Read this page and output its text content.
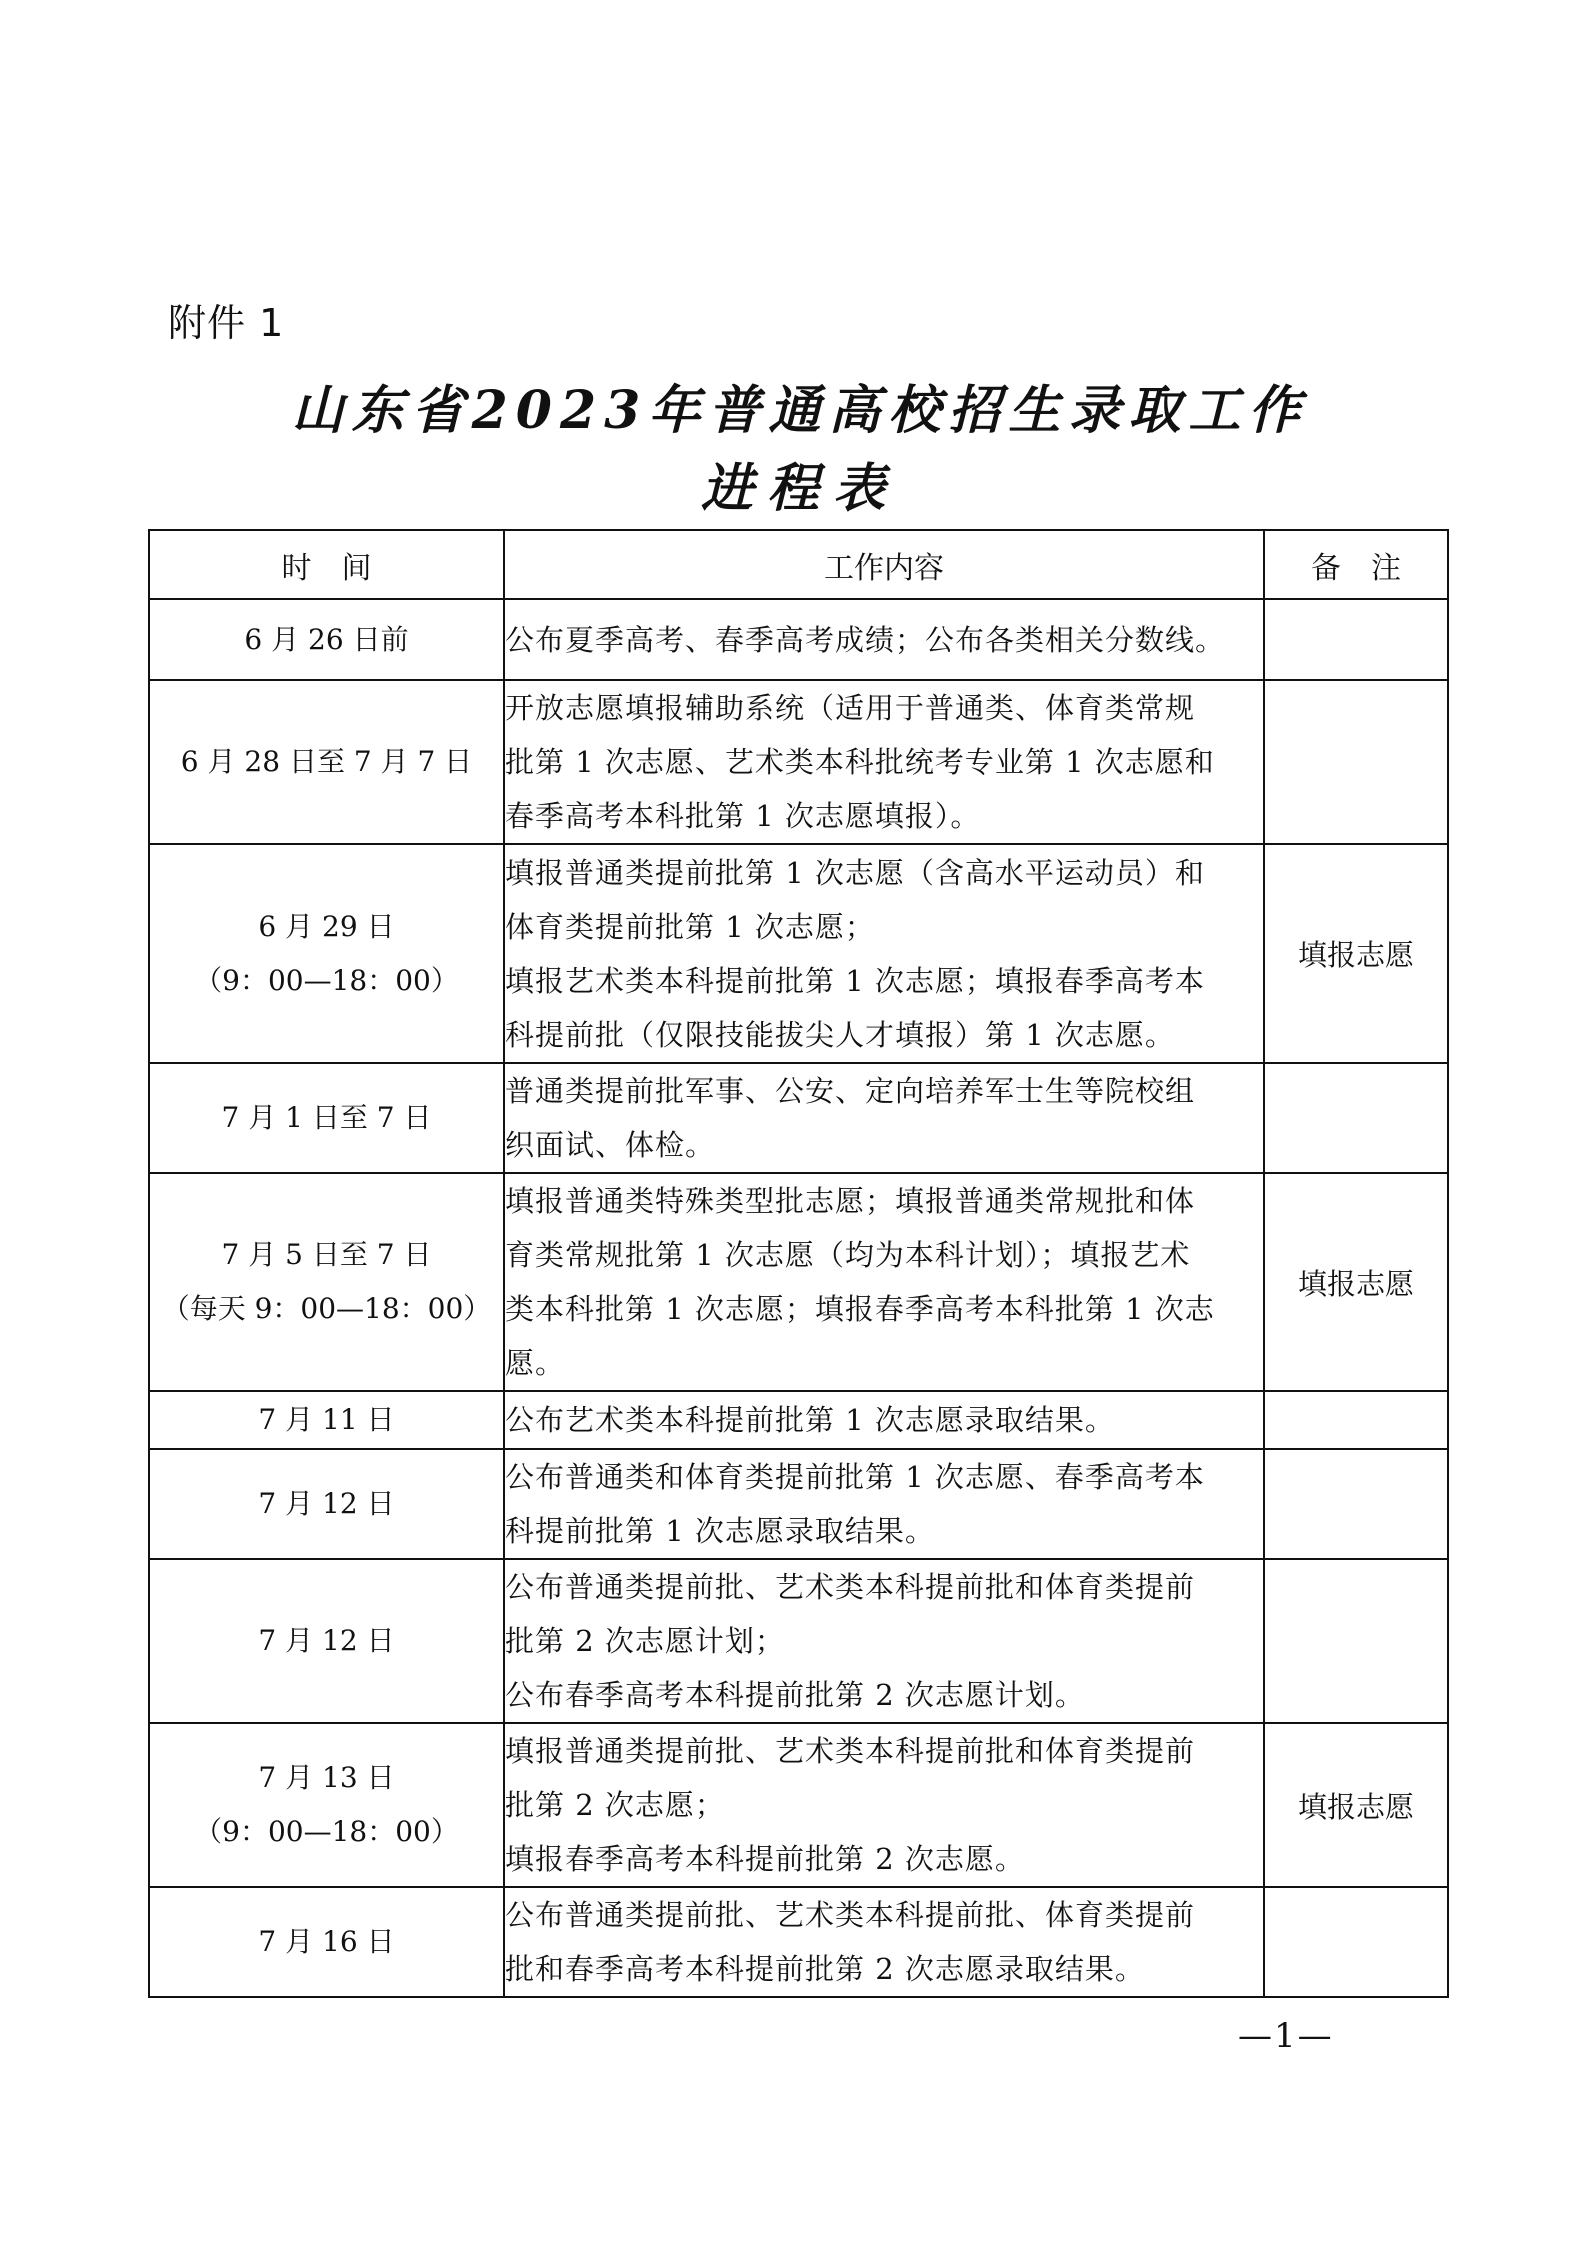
附件 1
山东省2023年普通高校招生录取工作
进程表
时　间	工作内容	备　注

6 月 26 日前	公布夏季高考、春季高考成绩；公布各类相关分数线。	

6 月 28 日至 7 月 7 日	开放志愿填报辅助系统（适用于普通类、体育类常规
批第 1 次志愿、艺术类本科批统考专业第 1 次志愿和
春季高考本科批第 1 次志愿填报）。	

6 月 29 日
（9：00—18：00）	填报普通类提前批第 1 次志愿（含高水平运动员）和
体育类提前批第 1 次志愿；
填报艺术类本科提前批第 1 次志愿；填报春季高考本
科提前批（仅限技能拔尖人才填报）第 1 次志愿。	填报志愿

7 月 1 日至 7 日	普通类提前批军事、公安、定向培养军士生等院校组
织面试、体检。	

7 月 5 日至 7 日
（每天 9：00—18：00）	填报普通类特殊类型批志愿；填报普通类常规批和体
育类常规批第 1 次志愿（均为本科计划）；填报艺术
类本科批第 1 次志愿；填报春季高考本科批第 1 次志
愿。	填报志愿

7 月 11 日	公布艺术类本科提前批第 1 次志愿录取结果。	

7 月 12 日	公布普通类和体育类提前批第 1 次志愿、春季高考本
科提前批第 1 次志愿录取结果。	

7 月 12 日	公布普通类提前批、艺术类本科提前批和体育类提前
批第 2 次志愿计划；
公布春季高考本科提前批第 2 次志愿计划。	

7 月 13 日
（9：00—18：00）	填报普通类提前批、艺术类本科提前批和体育类提前
批第 2 次志愿；
填报春季高考本科提前批第 2 次志愿。	填报志愿

7 月 16 日	公布普通类提前批、艺术类本科提前批、体育类提前
批和春季高考本科提前批第 2 次志愿录取结果。	

—1—
